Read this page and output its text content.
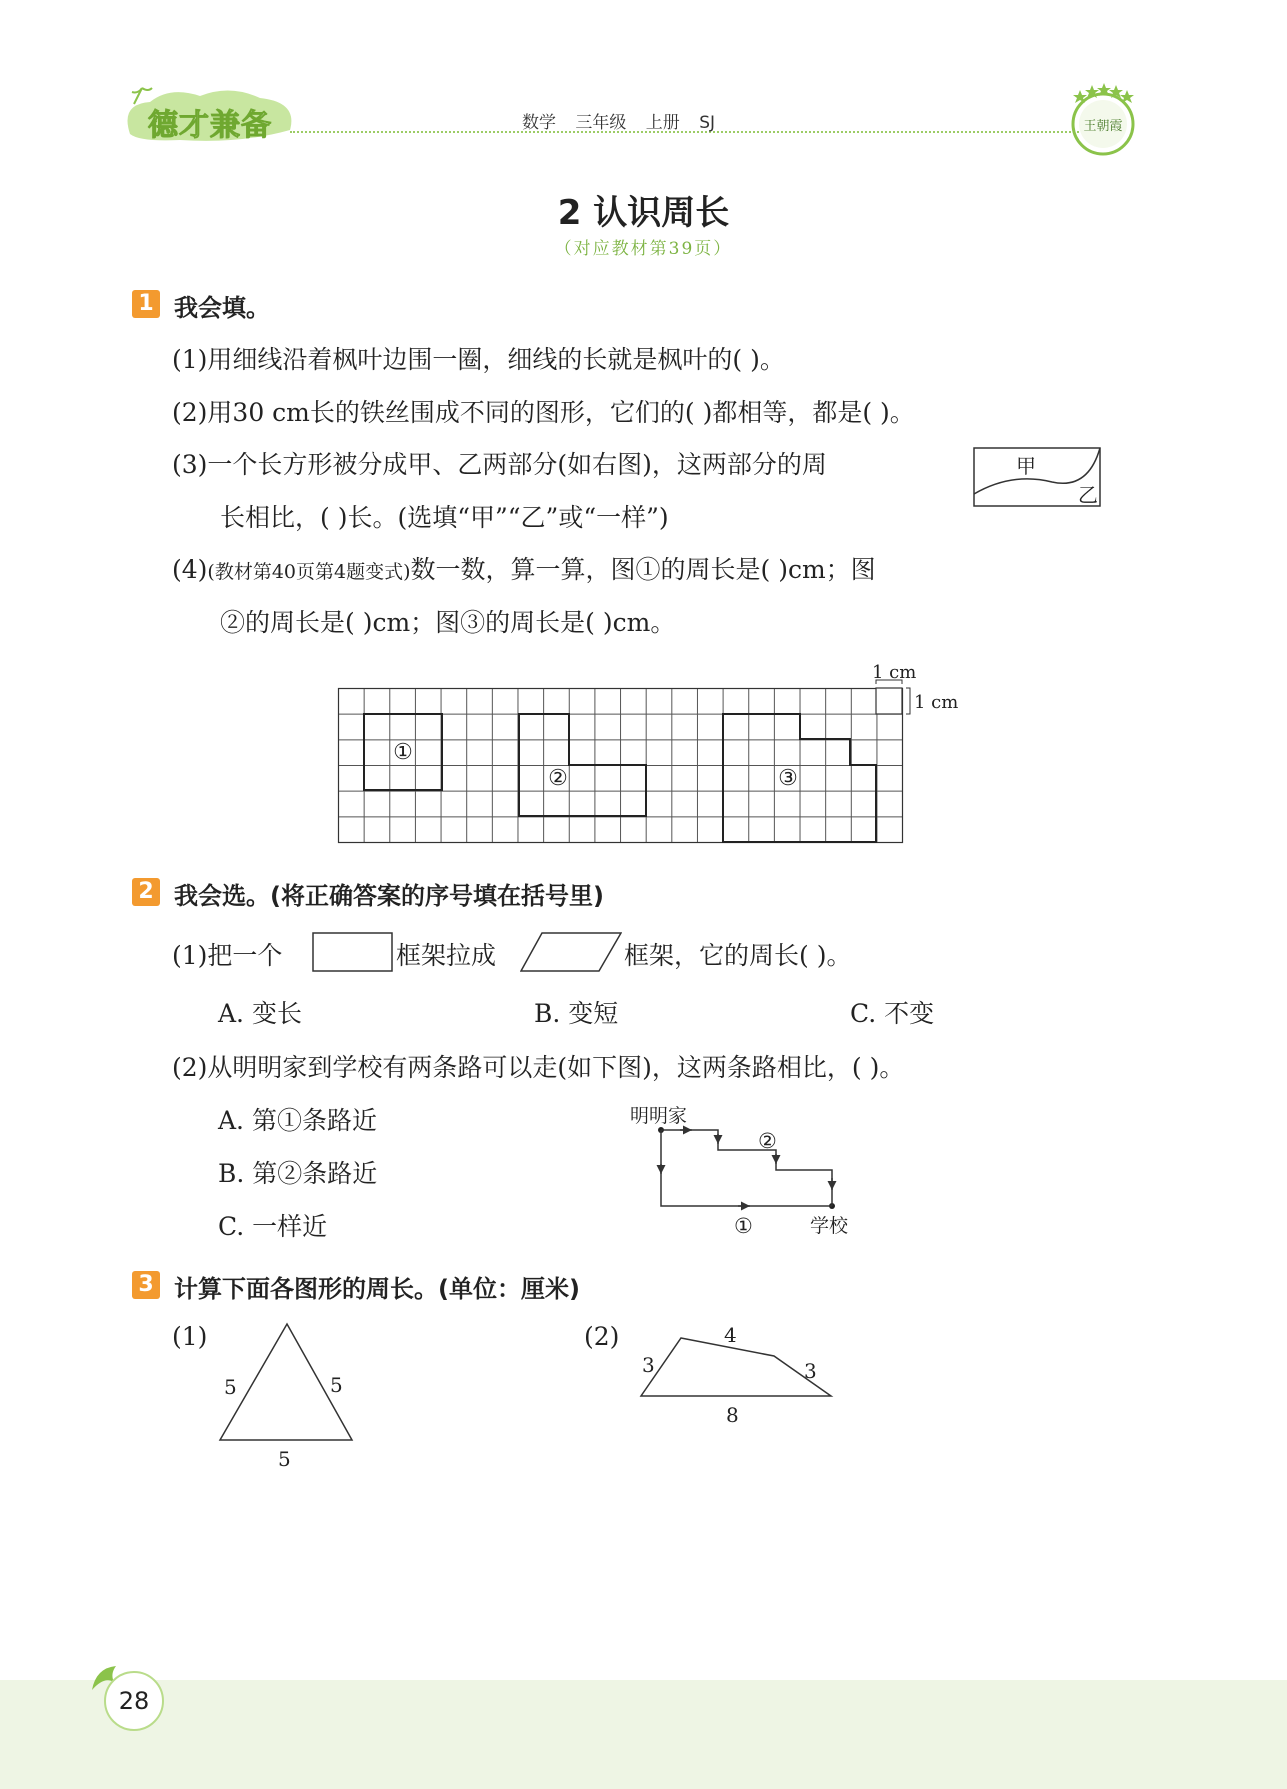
德才兼备	数学 三年级 上册 SJ	王朝霞
2 认识周长
（对应教材第39页）
1 我会填。
(1)用细线沿着枫叶边围一圈，细线的长就是枫叶的( )。
(2)用30 cm长的铁丝围成不同的图形，它们的( )都相等，都是( )。
(3)一个长方形被分成甲、乙两部分(如右图)，这两部分的周
长相比，( )长。(选填“甲”“乙”或“一样”)
甲
乙
(4)(教材第40页第4题变式)数一数，算一算，图①的周长是( )cm；图
②的周长是( )cm；图③的周长是( )cm。
1 cm
1 cm
①
②	③
2 我会选。(将正确答案的序号填在括号里)
(1)把一个	框架拉成	框架，它的周长( )。
A. 变长	B. 变短	C. 不变
(2)从明明家到学校有两条路可以走(如下图)，这两条路相比，( )。
A. 第①条路近
B. 第②条路近
C. 一样近
明明家
学校
①
②
3 计算下面各图形的周长。(单位：厘米)
(1)
5	5
5
(2)
3
4
3
8
28
